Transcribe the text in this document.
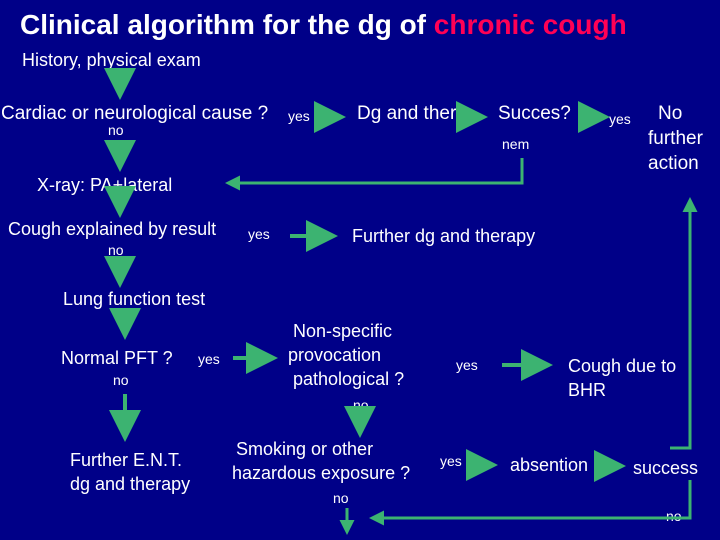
Clinical algorithm for the dg of chronic cough
History, physical exam
Cardiac or neurological cause ? yes
no
Dg and ther Succes?	yes
nem
No
further
action
X-ray: PA+lateral
Cough explained by result yes
no
Further dg and therapy
Lung function test
Normal PFT ? yes
no
Non-specific
provocation
pathological ?
yes
no
Cough due to
BHR
Further E.N.T.
dg and therapy
Smoking or other
hazardous exposure ?
yes
no
absention success
no
